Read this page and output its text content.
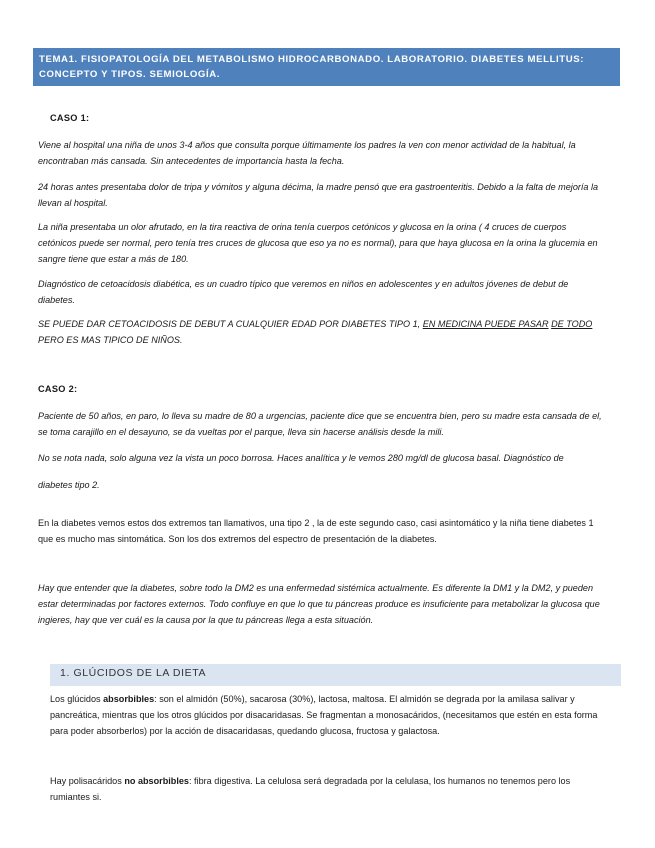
TEMA1. FISIOPATOLOGÍA DEL METABOLISMO HIDROCARBONADO. LABORATORIO. DIABETES MELLITUS:
CONCEPTO Y TIPOS. SEMIOLOGÍA.
CASO 1:
Viene al hospital una niña de unos 3-4 años que consulta porque últimamente los padres la ven con menor actividad de la habitual, la encontraban más cansada. Sin antecedentes de importancia hasta la fecha.
24 horas antes presentaba dolor de tripa y vómitos y alguna décima, la madre pensó que era gastroenteritis. Debido a la falta de mejoría la llevan al hospital.
La niña presentaba un olor afrutado, en la tira reactiva de orina tenía cuerpos cetónicos y glucosa en la orina ( 4 cruces de cuerpos cetónicos puede ser normal, pero tenía tres cruces de glucosa que eso ya no es normal), para que haya glucosa en la orina la glucemia en sangre tiene que estar a más de 180.
Diagnóstico de cetoacidosis diabética, es un cuadro típico que veremos en niños en adolescentes y en adultos jóvenes de debut de diabetes.
SE PUEDE DAR CETOACIDOSIS DE DEBUT A CUALQUIER EDAD POR DIABETES TIPO 1, EN MEDICINA PUEDE PASAR DE TODO PERO ES MAS TIPICO DE NIÑOS.
CASO 2:
Paciente de 50 años, en paro, lo lleva su madre de 80 a urgencias, paciente dice que se encuentra bien, pero su madre esta cansada de el, se toma carajillo en el desayuno, se da vueltas por el parque, lleva sin hacerse análisis desde la mili.
No se nota nada, solo alguna vez la vista un poco borrosa. Haces analítica y le vemos 280 mg/dl de glucosa basal. Diagnóstico de
diabetes tipo 2.
En la diabetes vemos estos dos extremos tan llamativos, una tipo 2 , la de este segundo caso, casi asintomático y la niña tiene diabetes 1 que es mucho mas sintomática. Son los dos extremos del espectro de presentación de la diabetes.
Hay que entender que la diabetes, sobre todo la DM2 es una enfermedad sistémica actualmente. Es diferente la DM1 y la DM2, y pueden estar determinadas por factores externos. Todo confluye en que lo que tu páncreas produce es insuficiente para metabolizar la glucosa que ingieres, hay que ver cuál es la causa por la que tu páncreas llega a esta situación.
1. GLÚCIDOS DE LA DIETA
Los glúcidos absorbibles: son el almidón (50%), sacarosa (30%), lactosa, maltosa. El almidón se degrada por la amilasa salivar y pancreática, mientras que los otros glúcidos por disacaridasas. Se fragmentan a monosacáridos, (necesitamos que estén en esta forma para poder absorberlos) por la acción de disacaridasas, quedando glucosa, fructosa y galactosa.
Hay polisacáridos no absorbibles: fibra digestiva. La celulosa será degradada por la celulasa, los humanos no tenemos pero los rumiantes si.
